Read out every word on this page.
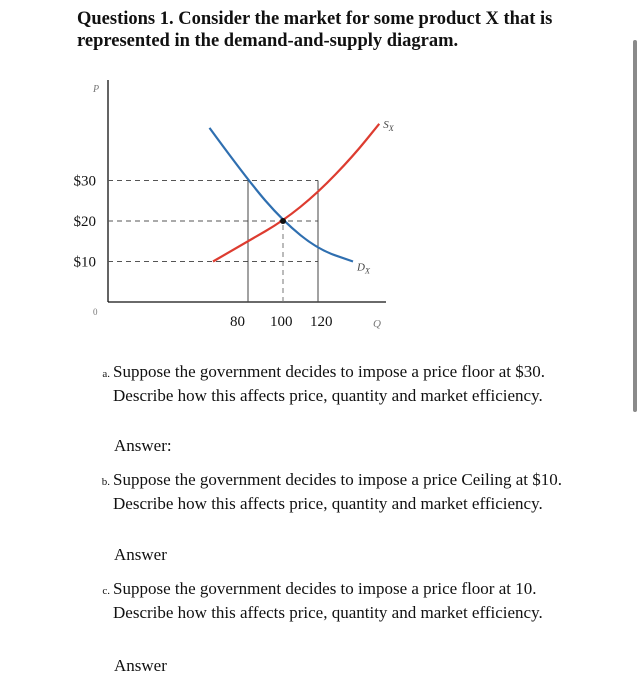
Questions 1. Consider the market for some product X that is represented in the demand-and-supply diagram.
$D_X$
$S_X$
$10
$20
$30
80 100 120
P
Q
0

a. Suppose the government decides to impose a price floor at $30. Describe how this affects price, quantity and market efficiency.

Answer:

b. Suppose the government decides to impose a price Ceiling at $10. Describe how this affects price, quantity and market efficiency.

Answer

c. Suppose the government decides to impose a price floor at 10. Describe how this affects price, quantity and market efficiency.

Answer
